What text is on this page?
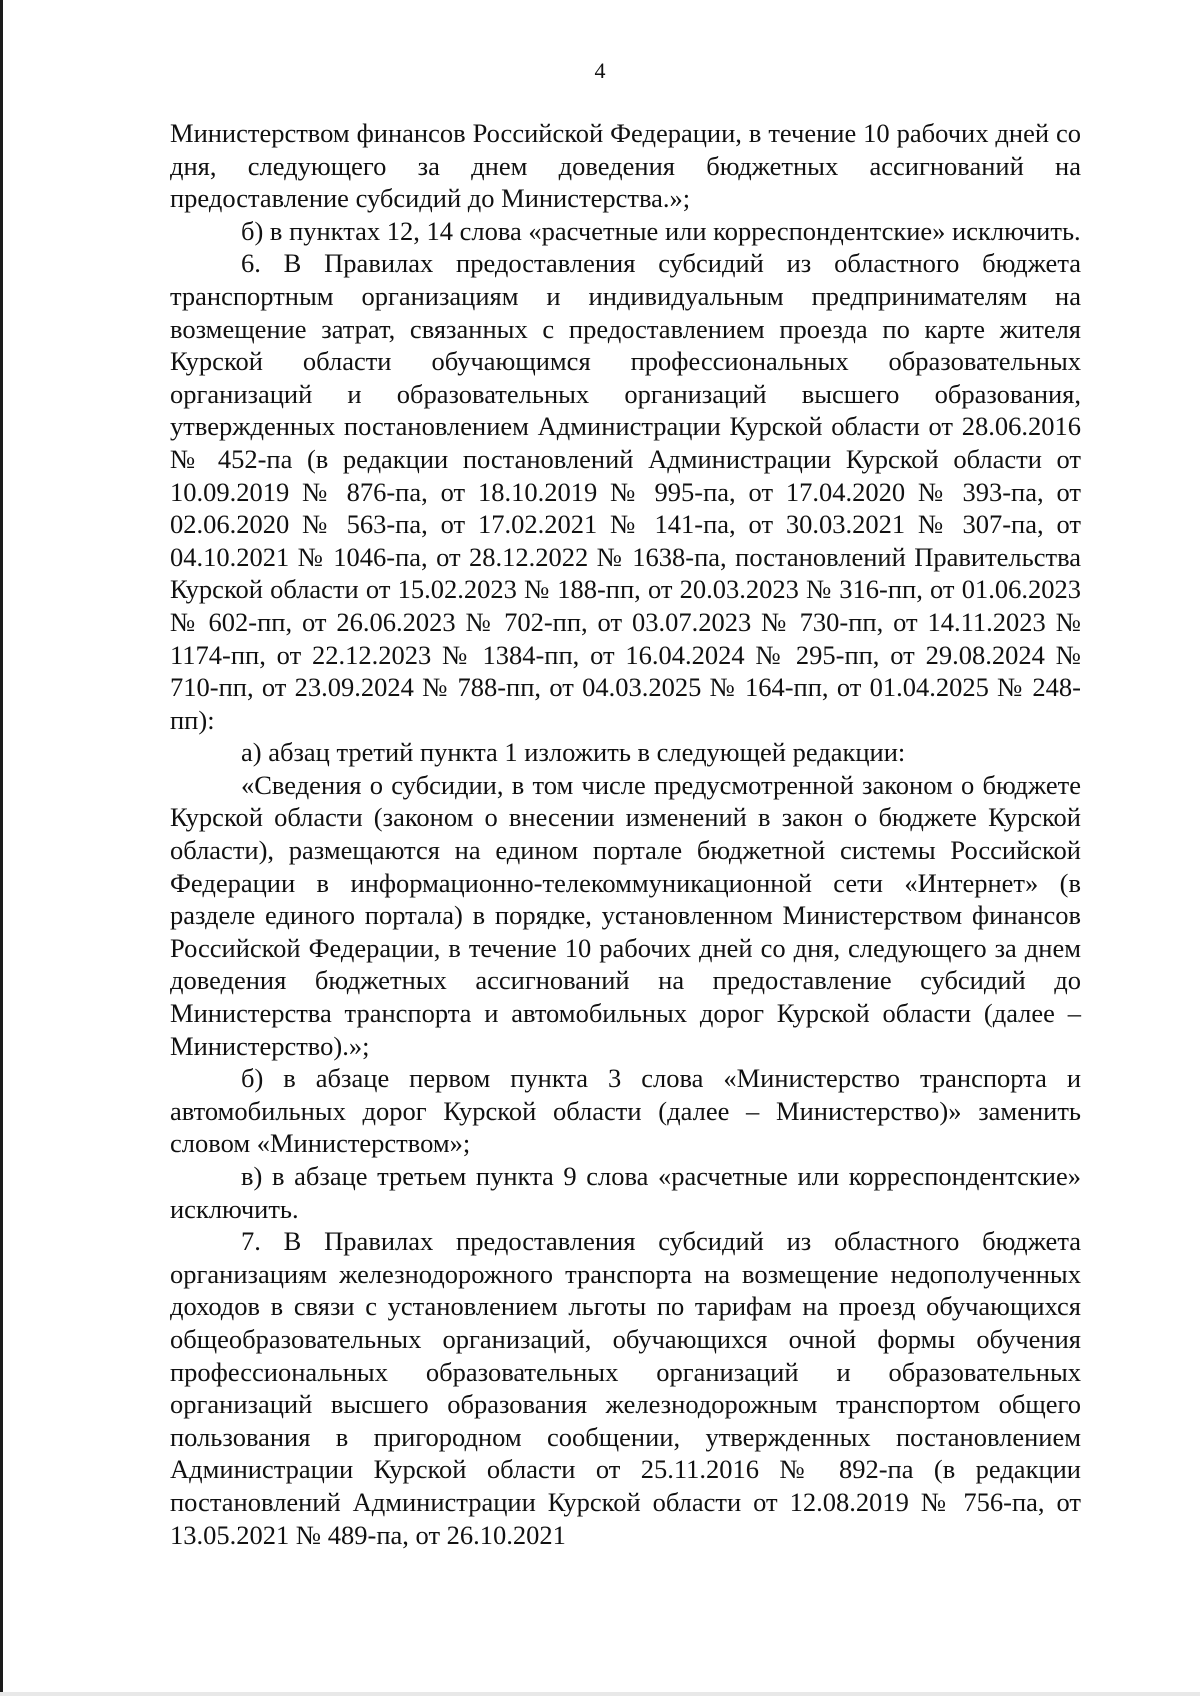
4

Министерством финансов Российской Федерации, в течение 10 рабочих дней со дня, следующего за днем доведения бюджетных ассигнований на предоставление субсидий до Министерства.»;

б) в пунктах 12, 14 слова «расчетные или корреспондентские» исключить.

6. В Правилах предоставления субсидий из областного бюджета транспортным организациям и индивидуальным предпринимателям на возмещение затрат, связанных с предоставлением проезда по карте жителя Курской области обучающимся профессиональных образовательных организаций и образовательных организаций высшего образования, утвержденных постановлением Администрации Курской области от 28.06.2016 № 452-па (в редакции постановлений Администрации Курской области от 10.09.2019 № 876-па, от 18.10.2019 № 995-па, от 17.04.2020 № 393-па, от 02.06.2020 № 563-па, от 17.02.2021 № 141-па, от 30.03.2021 № 307-па, от 04.10.2021 № 1046-па, от 28.12.2022 № 1638-па, постановлений Правительства Курской области от 15.02.2023 № 188-пп, от 20.03.2023 № 316-пп, от 01.06.2023 № 602-пп, от 26.06.2023 № 702-пп, от 03.07.2023 № 730-пп, от 14.11.2023 № 1174-пп, от 22.12.2023 № 1384-пп, от 16.04.2024 № 295-пп, от 29.08.2024 № 710-пп, от 23.09.2024 № 788-пп, от 04.03.2025 № 164-пп, от 01.04.2025 № 248-пп):

а) абзац третий пункта 1 изложить в следующей редакции:

«Сведения о субсидии, в том числе предусмотренной законом о бюджете Курской области (законом о внесении изменений в закон о бюджете Курской области), размещаются на едином портале бюджетной системы Российской Федерации в информационно-телекоммуникационной сети «Интернет» (в разделе единого портала) в порядке, установленном Министерством финансов Российской Федерации, в течение 10 рабочих дней со дня, следующего за днем доведения бюджетных ассигнований на предоставление субсидий до Министерства транспорта и автомобильных дорог Курской области (далее – Министерство).»;

б) в абзаце первом пункта 3 слова «Министерство транспорта и автомобильных дорог Курской области (далее – Министерство)» заменить словом «Министерством»;

в) в абзаце третьем пункта 9 слова «расчетные или корреспондентские» исключить.

7. В Правилах предоставления субсидий из областного бюджета организациям железнодорожного транспорта на возмещение недополученных доходов в связи с установлением льготы по тарифам на проезд обучающихся общеобразовательных организаций, обучающихся очной формы обучения профессиональных образовательных организаций и образовательных организаций высшего образования железнодорожным транспортом общего пользования в пригородном сообщении, утвержденных постановлением Администрации Курской области от 25.11.2016 № 892-па (в редакции постановлений Администрации Курской области от 12.08.2019 № 756-па, от 13.05.2021 № 489-па, от 26.10.2021
